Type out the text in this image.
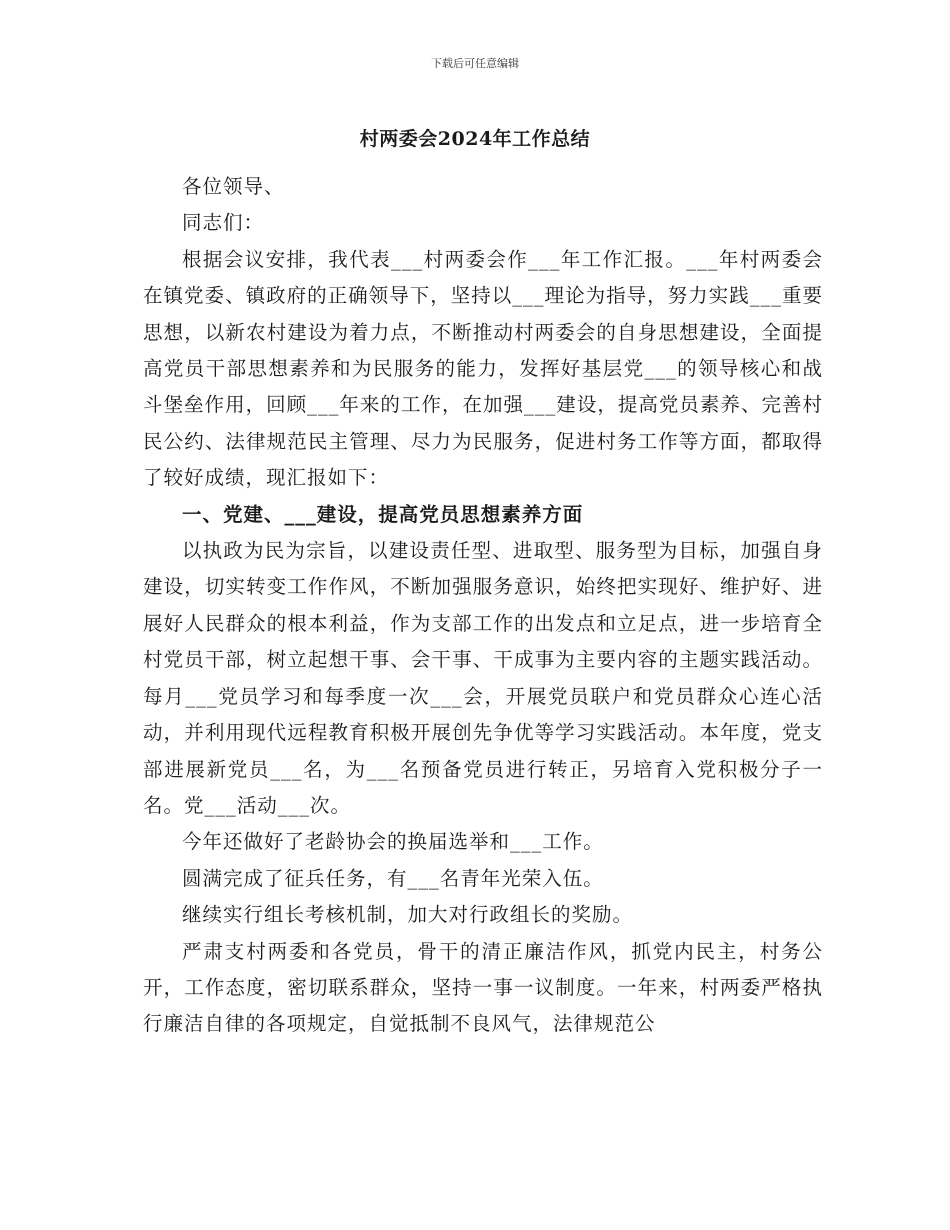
下载后可任意编辑
村两委会2024年工作总结

各位领导、

同志们：

根据会议安排，我代表___村两委会作___年工作汇报。___年村两委会在镇党委、镇政府的正确领导下，坚持以___理论为指导，努力实践___重要思想，以新农村建设为着力点，不断推动村两委会的自身思想建设，全面提高党员干部思想素养和为民服务的能力，发挥好基层党___的领导核心和战斗堡垒作用，回顾___年来的工作，在加强___建设，提高党员素养、完善村民公约、法律规范民主管理、尽力为民服务，促进村务工作等方面，都取得了较好成绩，现汇报如下：

一、党建、___建设，提高党员思想素养方面

以执政为民为宗旨，以建设责任型、进取型、服务型为目标，加强自身建设，切实转变工作作风，不断加强服务意识，始终把实现好、维护好、进展好人民群众的根本利益，作为支部工作的出发点和立足点，进一步培育全村党员干部，树立起想干事、会干事、干成事为主要内容的主题实践活动。每月___党员学习和每季度一次___会，开展党员联户和党员群众心连心活动，并利用现代远程教育积极开展创先争优等学习实践活动。本年度，党支部进展新党员___名，为___名预备党员进行转正，另培育入党积极分子一名。党___活动___次。

今年还做好了老龄协会的换届选举和___工作。

圆满完成了征兵任务，有___名青年光荣入伍。

继续实行组长考核机制，加大对行政组长的奖励。

严肃支村两委和各党员，骨干的清正廉洁作风，抓党内民主，村务公开，工作态度，密切联系群众，坚持一事一议制度。一年来，村两委严格执行廉洁自律的各项规定，自觉抵制不良风气，法律规范公
